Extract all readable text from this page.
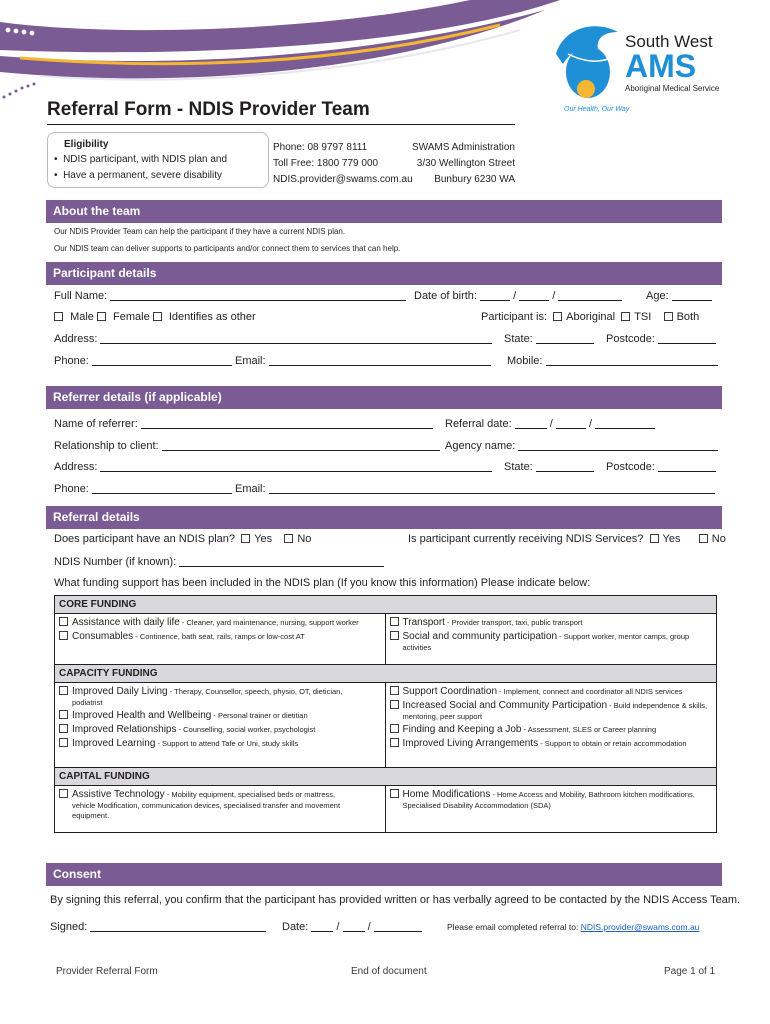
South West
AMS
Aboriginal Medical Service
Our Health, Our Way
Referral Form - NDIS Provider Team
Eligibility
•  NDIS participant, with NDIS plan and
•  Have a permanent, severe disability
Phone: 08 9797 8111
Toll Free: 1800 779 000
NDIS.provider@swams.com.au
SWAMS Administration
3/30 Wellington Street
Bunbury 6230 WA
About the team
Our NDIS Provider Team can help the participant if they have a current NDIS plan.
Our NDIS team can deliver supports to participants and/or connect them to services that can help.
Participant details
Full Name:	Date of birth:	/	/	Age:
Male Female Identifies as other	Participant is: Aboriginal TSI Both
Address:	State:	Postcode:
Phone:	Email:	Mobile:
Referrer details (if applicable)
Name of referrer:	Referral date:	/	/
Relationship to client:	Agency name:
Address:	State:	Postcode:
Phone:	Email:
Referral details
Does participant have an NDIS plan? Yes No	Is participant currently receiving NDIS Services? Yes	No
NDIS Number (if known):
What funding support has been included in the NDIS plan (If you know this information) Please indicate below:
CORE FUNDING
Assistance with daily life - Cleaner, yard maintenance, nursing, support worker
Consumables - Continence, bath seat, rails, ramps or low-cost AT
Transport - Provider transport, taxi, public transport
Social and community participation - Support worker, mentor camps, group
activities
CAPACITY FUNDING
Improved Daily Living - Therapy, Counsellor, speech, physio, OT, dietician,
podiatrist
Improved Health and Wellbeing - Personal trainer or dietitian
Improved Relationships - Counselling, social worker, psychologist
Improved Learning - Support to attend Tafe or Uni, study skills
Support Coordination - Implement, connect and coordinator all NDIS services
Increased Social and Community Participation - Build independence & skills,
mentoring, peer support
Finding and Keeping a Job - Assessment, SLES or Career planning
Improved Living Arrangements - Support to obtain or retain accommodation
CAPITAL FUNDING
Assistive Technology - Mobility equipment, specialised beds or mattress,
vehicle Modification, communication devices, specialised transfer and movement
equipment.
Home Modifications - Home Access and Mobility, Bathroom kitchen modifications.
Specialised Disability Accommodation (SDA)
Consent
By signing this referral, you confirm that the participant has provided written or has verbally agreed to be contacted by the NDIS Access Team.
Signed:	Date:  /  /	Please email completed referral to: NDIS.provider@swams.com.au
Provider Referral Form	End of document	Page 1 of 1
